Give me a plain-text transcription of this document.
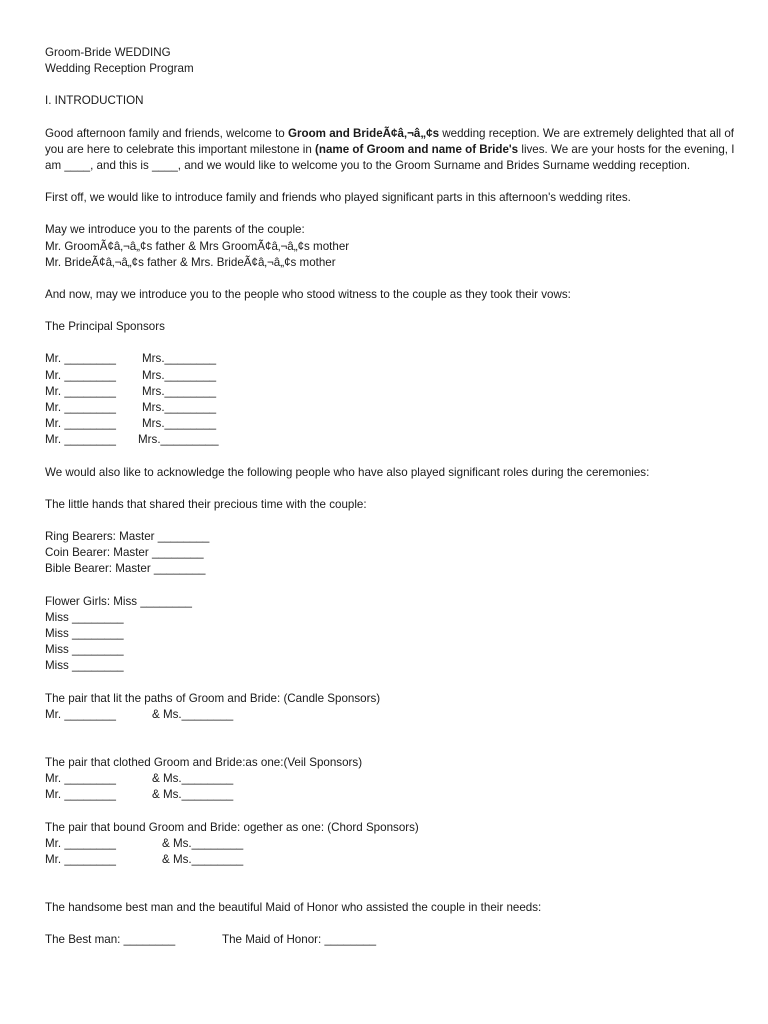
Groom-Bride WEDDING

Wedding Reception Program

I. INTRODUCTION

Good afternoon family and friends, welcome to Groom and BrideÃ¢â‚¬â„¢s wedding reception. We are extremely delighted that all of you are here to celebrate this important milestone in (name of Groom and name of Bride's lives. We are your hosts for the evening, I am ____, and this is ____, and we would like to welcome you to the Groom Surname and Brides Surname wedding reception.

First off, we would like to introduce family and friends who played significant parts in this afternoon's wedding rites.

May we introduce you to the parents of the couple:

Mr. GroomÃ¢â‚¬â„¢s father & Mrs GroomÃ¢â‚¬â„¢s mother

Mr. BrideÃ¢â‚¬â„¢s father & Mrs. BrideÃ¢â‚¬â„¢s mother

And now, may we introduce you to the people who stood witness to the couple as they took their vows:

The Principal Sponsors

Mr. ________	Mrs.________
Mr. ________	Mrs.________
Mr. ________	Mrs.________
Mr. ________	Mrs.________
Mr. ________	Mrs.________
Mr. ________	Mrs._________

We would also like to acknowledge the following people who have also played significant roles during the ceremonies:

The little hands that shared their precious time with the couple:

Ring Bearers: Master ________

Coin Bearer: Master ________

Bible Bearer: Master ________

Flower Girls: Miss ________

Miss ________

Miss ________

Miss ________

Miss ________

The pair that lit the paths of Groom and Bride: (Candle Sponsors)

Mr. ________	& Ms.________

The pair that clothed Groom and Bride:as one:(Veil Sponsors)

Mr. ________	& Ms.________
Mr. ________	& Ms.________

The pair that bound Groom and Bride: ogether as one: (Chord Sponsors)

Mr. ________	& Ms.________
Mr. ________	& Ms.________

The handsome best man and the beautiful Maid of Honor who assisted the couple in their needs:

The Best man: ________	The Maid of Honor: ________
